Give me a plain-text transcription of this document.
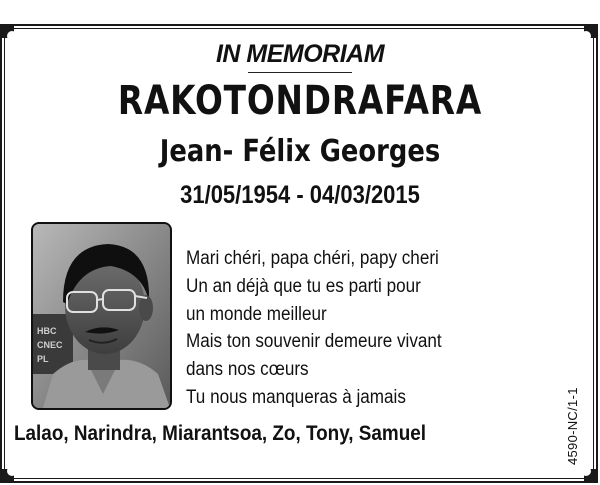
IN MEMORIAM
RAKOTONDRAFARA
Jean- Félix Georges
31/05/1954 - 04/03/2015
HBC
CNEC
PL
Mari chéri, papa chéri, papy cheri
Un an déjà que tu es parti pour
un monde meilleur
Mais ton souvenir demeure vivant
dans nos cœurs
Tu nous manqueras à jamais
Lalao, Narindra, Miarantsoa, Zo, Tony, Samuel	4590-NC/1-1
